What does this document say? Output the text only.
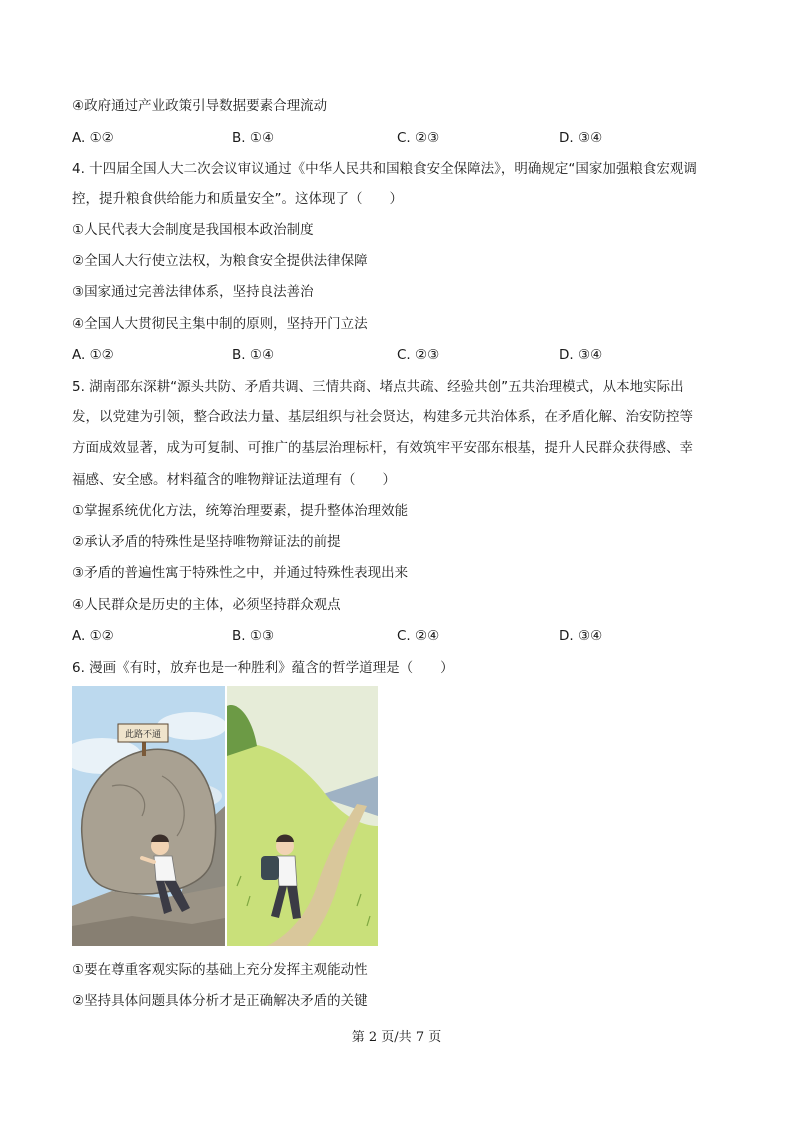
④政府通过产业政策引导数据要素合理流动
A. ①②	B. ①④	C. ②③	D. ③④
4. 十四届全国人大二次会议审议通过《中华人民共和国粮食安全保障法》，明确规定“国家加强粮食宏观调
控，提升粮食供给能力和质量安全”。这体现了（　　）
①人民代表大会制度是我国根本政治制度
②全国人大行使立法权，为粮食安全提供法律保障
③国家通过完善法律体系，坚持良法善治
④全国人大贯彻民主集中制的原则，坚持开门立法
A. ①②	B. ①④	C. ②③	D. ③④
5. 湖南邵东深耕“源头共防、矛盾共调、三情共商、堵点共疏、经验共创”五共治理模式，从本地实际出
发，以党建为引领，整合政法力量、基层组织与社会贤达，构建多元共治体系，在矛盾化解、治安防控等
方面成效显著，成为可复制、可推广的基层治理标杆，有效筑牢平安邵东根基，提升人民群众获得感、幸
福感、安全感。材料蕴含的唯物辩证法道理有（　　）
①掌握系统优化方法，统筹治理要素，提升整体治理效能
②承认矛盾的特殊性是坚持唯物辩证法的前提
③矛盾的普遍性寓于特殊性之中，并通过特殊性表现出来
④人民群众是历史的主体，必须坚持群众观点
A. ①②	B. ①③	C. ②④	D. ③④
6. 漫画《有时，放弃也是一种胜利》蕴含的哲学道理是（　　）
此路不通
①要在尊重客观实际的基础上充分发挥主观能动性
②坚持具体问题具体分析才是正确解决矛盾的关键
第 2 页/共 7 页
